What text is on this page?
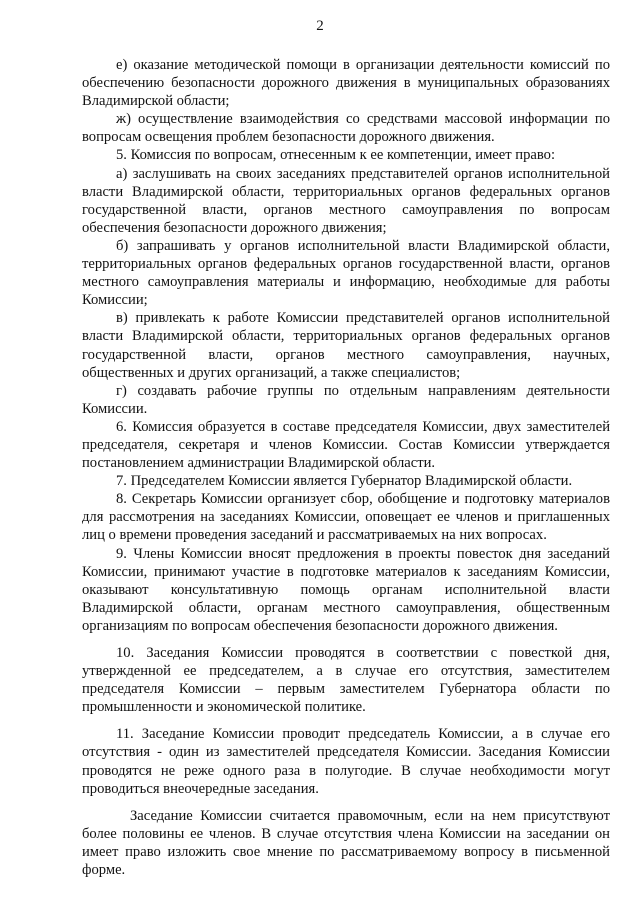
2

е) оказание методической помощи в организации деятельности комиссий по обеспечению безопасности дорожного движения в муниципальных образованиях Владимирской области;

ж) осуществление взаимодействия со средствами массовой информации по вопросам освещения проблем безопасности дорожного движения.

5. Комиссия по вопросам, отнесенным к ее компетенции, имеет право:

а) заслушивать на своих заседаниях представителей органов исполнительной власти Владимирской области, территориальных органов федеральных органов государственной власти, органов местного самоуправления по вопросам обеспечения безопасности дорожного движения;

б) запрашивать у органов исполнительной власти Владимирской области, территориальных органов федеральных органов государственной власти, органов местного самоуправления материалы и информацию, необходимые для работы Комиссии;

в) привлекать к работе Комиссии представителей органов исполнительной власти Владимирской области, территориальных органов федеральных органов государственной власти, органов местного самоуправления, научных, общественных и других организаций, а также специалистов;

г) создавать рабочие группы по отдельным направлениям деятельности Комиссии.

6. Комиссия образуется в составе председателя Комиссии, двух заместителей председателя, секретаря и членов Комиссии. Состав Комиссии утверждается постановлением администрации Владимирской области.

7. Председателем Комиссии является Губернатор Владимирской области.

8. Секретарь Комиссии организует сбор, обобщение и подготовку материалов для рассмотрения на заседаниях Комиссии, оповещает ее членов и приглашенных лиц о времени проведения заседаний и рассматриваемых на них вопросах.

9. Члены Комиссии вносят предложения в проекты повесток дня заседаний Комиссии, принимают участие в подготовке материалов к заседаниям Комиссии, оказывают консультативную помощь органам исполнительной власти Владимирской области, органам местного самоуправления, общественным организациям по вопросам обеспечения безопасности дорожного движения.

10. Заседания Комиссии проводятся в соответствии с повесткой дня, утвержденной ее председателем, а в случае его отсутствия, заместителем председателя Комиссии – первым заместителем Губернатора области по промышленности и экономической политике.

11. Заседание Комиссии проводит председатель Комиссии, а в случае его отсутствия - один из заместителей председателя Комиссии. Заседания Комиссии проводятся не реже одного раза в полугодие. В случае необходимости могут проводиться внеочередные заседания.

Заседание Комиссии считается правомочным, если на нем присутствуют более половины ее членов. В случае отсутствия члена Комиссии на заседании он имеет право изложить свое мнение по рассматриваемому вопросу в письменной форме.
